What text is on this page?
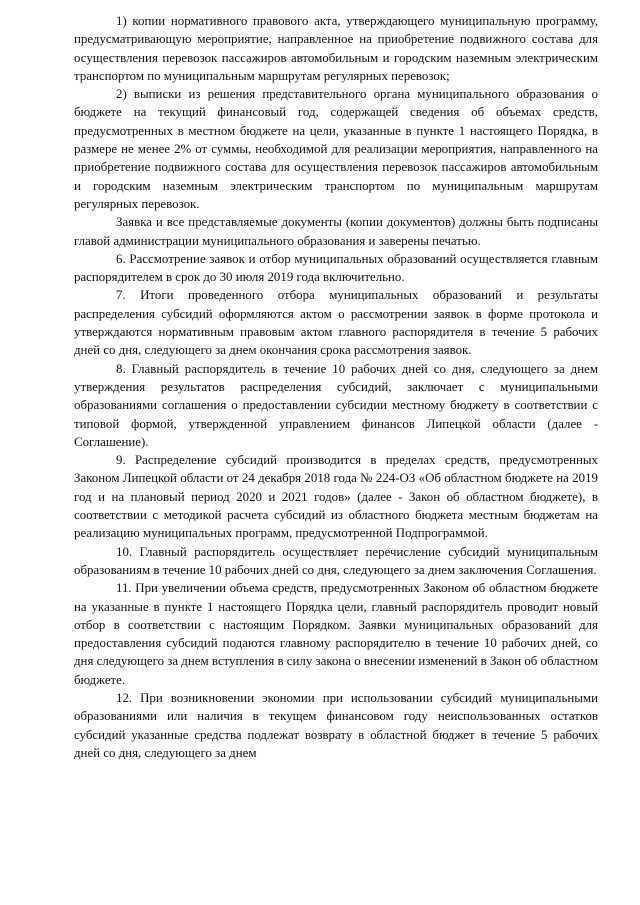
1) копии нормативного правового акта, утверждающего муниципальную программу, предусматривающую мероприятие, направленное на приобретение подвижного состава для осуществления перевозок пассажиров автомобильным и городским наземным электрическим транспортом по муниципальным маршрутам регулярных перевозок;

2) выписки из решения представительного органа муниципального образования о бюджете на текущий финансовый год, содержащей сведения об объемах средств, предусмотренных в местном бюджете на цели, указанные в пункте 1 настоящего Порядка, в размере не менее 2% от суммы, необходимой для реализации мероприятия, направленного на приобретение подвижного состава для осуществления перевозок пассажиров автомобильным и городским наземным электрическим транспортом по муниципальным маршрутам регулярных перевозок.

Заявка и все представляемые документы (копии документов) должны быть подписаны главой администрации муниципального образования и заверены печатью.

6. Рассмотрение заявок и отбор муниципальных образований осуществляется главным распорядителем в срок до 30 июля 2019 года включительно.

7. Итоги проведенного отбора муниципальных образований и результаты распределения субсидий оформляются актом о рассмотрении заявок в форме протокола и утверждаются нормативным правовым актом главного распорядителя в течение 5 рабочих дней со дня, следующего за днем окончания срока рассмотрения заявок.

8. Главный распорядитель в течение 10 рабочих дней со дня, следующего за днем утверждения результатов распределения субсидий, заключает с муниципальными образованиями соглашения о предоставлении субсидии местному бюджету в соответствии с типовой формой, утвержденной управлением финансов Липецкой области (далее - Соглашение).

9. Распределение субсидий производится в пределах средств, предусмотренных Законом Липецкой области от 24 декабря 2018 года № 224-ОЗ «Об областном бюджете на 2019 год и на плановый период 2020 и 2021 годов» (далее - Закон об областном бюджете), в соответствии с методикой расчета субсидий из областного бюджета местным бюджетам на реализацию муниципальных программ, предусмотренной Подпрограммой.

10. Главный распорядитель осуществляет перечисление субсидий муниципальным образованиям в течение 10 рабочих дней со дня, следующего за днем заключения Соглашения.

11. При увеличении объема средств, предусмотренных Законом об областном бюджете на указанные в пункте 1 настоящего Порядка цели, главный распорядитель проводит новый отбор в соответствии с настоящим Порядком. Заявки муниципальных образований для предоставления субсидий подаются главному распорядителю в течение 10 рабочих дней, со дня следующего за днем вступления в силу закона о внесении изменений в Закон об областном бюджете.

12. При возникновении экономии при использовании субсидий муниципальными образованиями или наличия в текущем финансовом году неиспользованных остатков субсидий указанные средства подлежат возврату в областной бюджет в течение 5 рабочих дней со дня, следующего за днем
